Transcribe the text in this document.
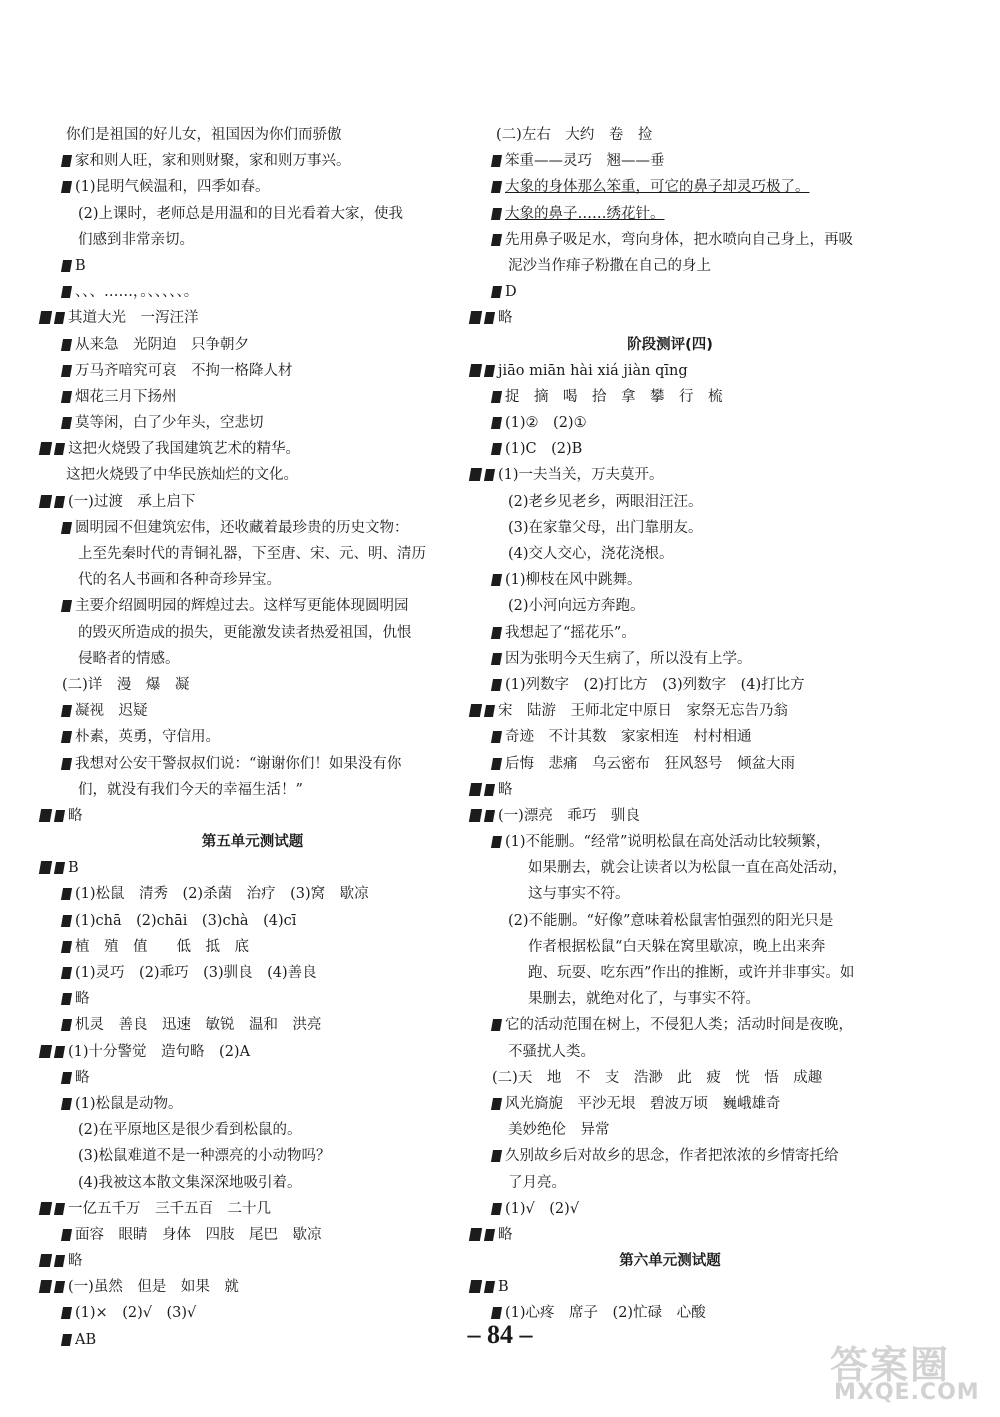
你们是祖国的好儿女，祖国因为你们而骄傲
家和则人旺，家和则财聚，家和则万事兴。
(1)昆明气候温和，四季如春。
(2)上课时，老师总是用温和的目光看着大家，使我
们感到非常亲切。
B
、、、……，。、、、、、。
其道大光　一泻汪洋
从来急　光阴迫　只争朝夕
万马齐喑究可哀　不拘一格降人材
烟花三月下扬州
莫等闲，白了少年头，空悲切
这把火烧毁了我国建筑艺术的精华。
这把火烧毁了中华民族灿烂的文化。
(一)过渡　承上启下
圆明园不但建筑宏伟，还收藏着最珍贵的历史文物：
上至先秦时代的青铜礼器，下至唐、宋、元、明、清历
代的名人书画和各种奇珍异宝。
主要介绍圆明园的辉煌过去。这样写更能体现圆明园
的毁灭所造成的损失，更能激发读者热爱祖国，仇恨
侵略者的情感。
(二)详　漫　爆　凝
凝视　迟疑
朴素，英勇，守信用。
我想对公安干警叔叔们说：“谢谢你们！如果没有你
们，就没有我们今天的幸福生活！”
略
第五单元测试题
B
(1)松鼠　清秀　(2)杀菌　治疗　(3)窝　歇凉
(1)chā　(2)chāi　(3)chà　(4)cī
植　殖　值　　低　抵　底
(1)灵巧　(2)乖巧　(3)驯良　(4)善良
略
机灵　善良　迅速　敏锐　温和　洪亮
(1)十分警觉　造句略　(2)A
略
(1)松鼠是动物。
(2)在平原地区是很少看到松鼠的。
(3)松鼠难道不是一种漂亮的小动物吗？
(4)我被这本散文集深深地吸引着。
一亿五千万　三千五百　二十几
面容　眼睛　身体　四肢　尾巴　歇凉
略
(一)虽然　但是　如果　就
(1)×　(2)√　(3)√
AB
(二)左右　大约　卷　捡
笨重——灵巧　翘——垂
大象的身体那么笨重，可它的鼻子却灵巧极了。
大象的鼻子……绣花针。
先用鼻子吸足水，弯向身体，把水喷向自己身上，再吸
泥沙当作痱子粉撒在自己的身上
D
略
阶段测评(四)
jiāo miān hài xiá jiàn qīng
捉　摘　喝　拾　拿　攀　行　梳
(1)②　(2)①
(1)C　(2)B
(1)一夫当关，万夫莫开。
(2)老乡见老乡，两眼泪汪汪。
(3)在家靠父母，出门靠朋友。
(4)交人交心，浇花浇根。
(1)柳枝在风中跳舞。
(2)小河向远方奔跑。
我想起了“摇花乐”。
因为张明今天生病了，所以没有上学。
(1)列数字　(2)打比方　(3)列数字　(4)打比方
宋　陆游　王师北定中原日　家祭无忘告乃翁
奇迹　不计其数　家家相连　村村相通
后悔　悲痛　乌云密布　狂风怒号　倾盆大雨
略
(一)漂亮　乖巧　驯良
(1)不能删。“经常”说明松鼠在高处活动比较频繁，
如果删去，就会让读者以为松鼠一直在高处活动，
这与事实不符。
(2)不能删。“好像”意味着松鼠害怕强烈的阳光只是
作者根据松鼠“白天躲在窝里歇凉，晚上出来奔
跑、玩耍、吃东西”作出的推断，或许并非事实。如
果删去，就绝对化了，与事实不符。
它的活动范围在树上，不侵犯人类；活动时间是夜晚，
不骚扰人类。
(二)天　地　不　支　浩渺　此　疲　恍　悟　成趣
风光旖旎　平沙无垠　碧波万顷　巍峨雄奇
美妙绝伦　异常
久别故乡后对故乡的思念，作者把浓浓的乡情寄托给
了月亮。
(1)√　(2)√
略
第六单元测试题
B
(1)心疼　席子　(2)忙碌　心酸
– 84 –
答案圈
MXQE.COM
